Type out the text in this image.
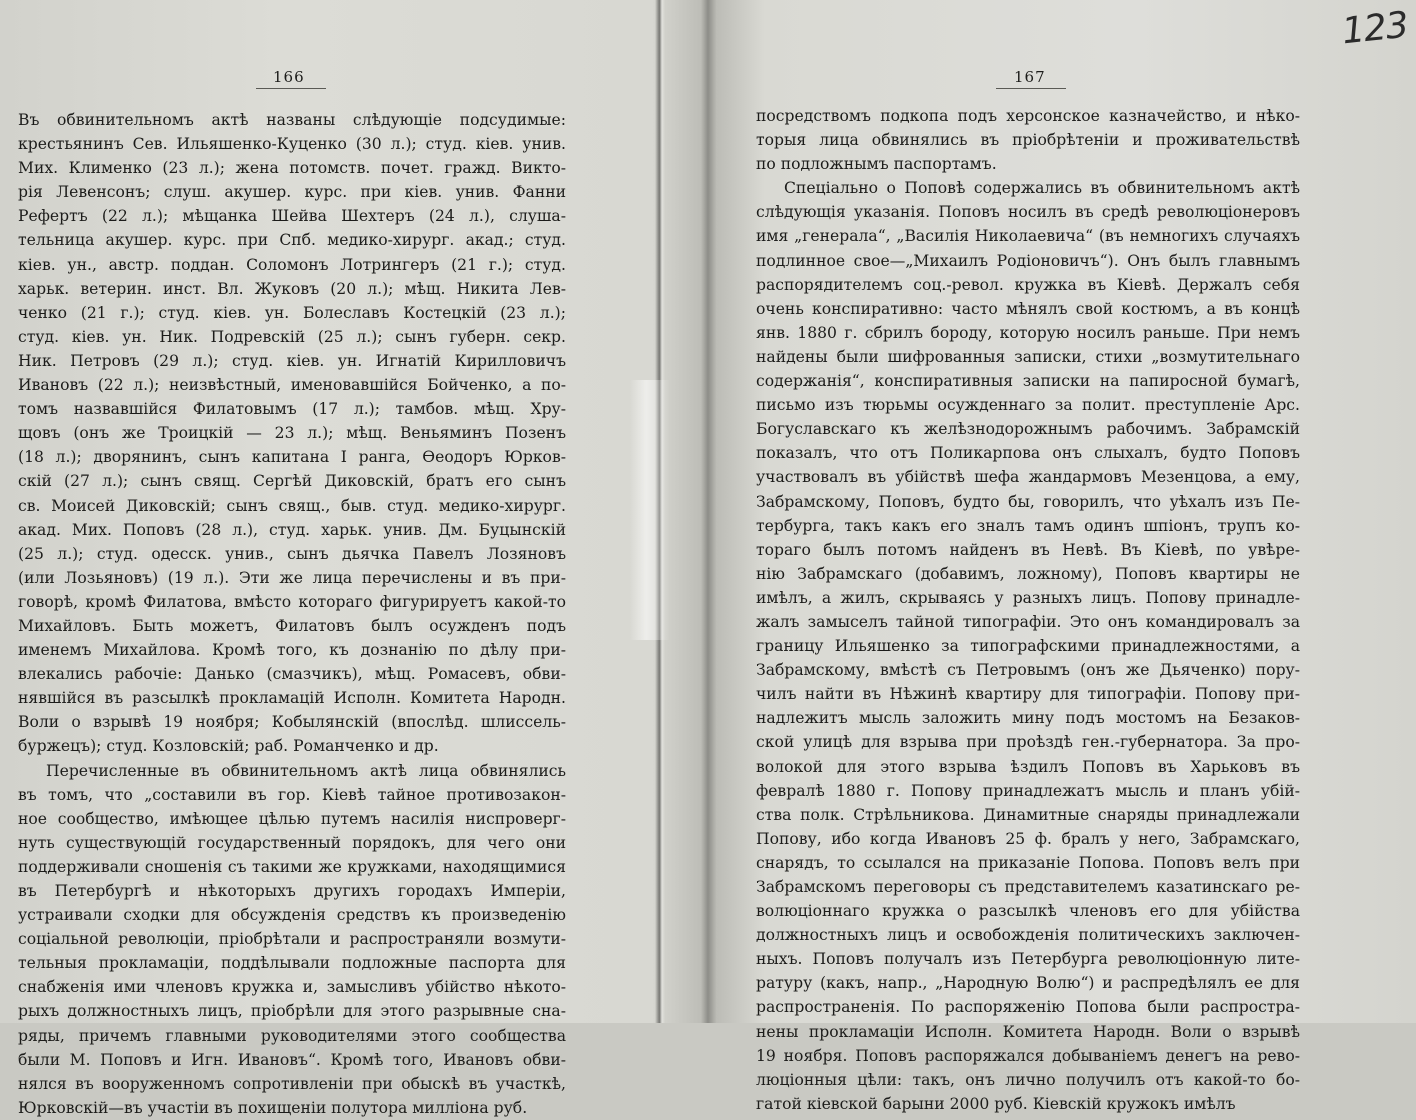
123
166
Въ обвинительномъ актѣ названы слѣдующіе подсудимые:
крестьянинъ Сев. Ильяшенко-Куценко (30 л.); студ. кіев. унив.
Мих. Клименко (23 л.); жена потомств. почет. гражд. Викто-
рія Левенсонъ; слуш. акушер. курс. при кіев. унив. Фанни
Рефертъ (22 л.); мѣщанка Шейва Шехтеръ (24 л.), слуша-
тельница акушер. курс. при Спб. медико-хирург. акад.; студ.
кіев. ун., австр. поддан. Соломонъ Лотрингеръ (21 г.); студ.
харьк. ветерин. инст. Вл. Жуковъ (20 л.); мѣщ. Никита Лев-
ченко (21 г.); студ. кіев. ун. Болеславъ Костецкій (23 л.);
студ. кіев. ун. Ник. Подревскій (25 л.); сынъ губерн. секр.
Ник. Петровъ (29 л.); студ. кіев. ун. Игнатій Кирилловичъ
Ивановъ (22 л.); неизвѣстный, именовавшійся Бойченко, а по-
томъ назвавшійся Филатовымъ (17 л.); тамбов. мѣщ. Хру-
щовъ (онъ же Троицкій — 23 л.); мѣщ. Веньяминъ Позенъ
(18 л.); дворянинъ, сынъ капитана I ранга, Ѳеодоръ Юрков-
скій (27 л.); сынъ свящ. Сергѣй Диковскій, братъ его сынъ
св. Моисей Диковскій; сынъ свящ., быв. студ. медико-хирург.
акад. Мих. Поповъ (28 л.), студ. харьк. унив. Дм. Буцынскій
(25 л.); студ. одесск. унив., сынъ дьячка Павелъ Лозяновъ
(или Лозьяновъ) (19 л.). Эти же лица перечислены и въ при-
говорѣ, кромѣ Филатова, вмѣсто котораго фигурируетъ какой-то
Михайловъ. Быть можетъ, Филатовъ былъ осужденъ подъ
именемъ Михайлова. Кромѣ того, къ дознанію по дѣлу при-
влекались рабочіе: Данько (смазчикъ), мѣщ. Ромасевъ, обви-
нявшійся въ разсылкѣ прокламацій Исполн. Комитета Народн.
Воли о взрывѣ 19 ноября; Кобылянскій (впослѣд. шлиссель-
буржецъ); студ. Козловскій; раб. Романченко и др.
Перечисленные въ обвинительномъ актѣ лица обвинялись
въ томъ, что „составили въ гор. Кіевѣ тайное противозакон-
ное сообщество, имѣющее цѣлью путемъ насилія ниспроверг-
нуть существующій государственный порядокъ, для чего они
поддерживали сношенія съ такими же кружками, находящимися
въ Петербургѣ и нѣкоторыхъ другихъ городахъ Имперіи,
устраивали сходки для обсужденія средствъ къ произведенію
соціальной революціи, пріобрѣтали и распространяли возмути-
тельныя прокламаціи, поддѣлывали подложные паспорта для
снабженія ими членовъ кружка и, замысливъ убійство нѣкото-
рыхъ должностныхъ лицъ, пріобрѣли для этого разрывные сна-
ряды, причемъ главными руководителями этого сообщества
были М. Поповъ и Игн. Ивановъ“. Кромѣ того, Ивановъ обви-
нялся въ вооруженномъ сопротивленіи при обыскѣ въ участкѣ,
Юрковскій—въ участіи въ похищеніи полутора милліона руб.
167
посредствомъ подкопа подъ херсонское казначейство, и нѣко-
торыя лица обвинялись въ пріобрѣтеніи и проживательствѣ
по подложнымъ паспортамъ.
Спеціально о Поповѣ содержались въ обвинительномъ актѣ
слѣдующія указанія. Поповъ носилъ въ средѣ революціонеровъ
имя „генерала“, „Василія Николаевича“ (въ немногихъ случаяхъ
подлинное свое—„Михаилъ Родіоновичъ“). Онъ былъ главнымъ
распорядителемъ соц.-револ. кружка въ Кіевѣ. Держалъ себя
очень конспиративно: часто мѣнялъ свой костюмъ, а въ концѣ
янв. 1880 г. сбрилъ бороду, которую носилъ раньше. При немъ
найдены были шифрованныя записки, стихи „возмутительнаго
содержанія“, конспиративныя записки на папиросной бумагѣ,
письмо изъ тюрьмы осужденнаго за полит. преступленіе Арс.
Богуславскаго къ желѣзнодорожнымъ рабочимъ. Забрамскій
показалъ, что отъ Поликарпова онъ слыхалъ, будто Поповъ
участвовалъ въ убійствѣ шефа жандармовъ Мезенцова, а ему,
Забрамскому, Поповъ, будто бы, говорилъ, что уѣхалъ изъ Пе-
тербурга, такъ какъ его зналъ тамъ одинъ шпіонъ, трупъ ко-
тораго былъ потомъ найденъ въ Невѣ. Въ Кіевѣ, по увѣре-
нію Забрамскаго (добавимъ, ложному), Поповъ квартиры не
имѣлъ, а жилъ, скрываясь у разныхъ лицъ. Попову принадле-
жалъ замыселъ тайной типографіи. Это онъ командировалъ за
границу Ильяшенко за типографскими принадлежностями, а
Забрамскому, вмѣстѣ съ Петровымъ (онъ же Дьяченко) пору-
чилъ найти въ Нѣжинѣ квартиру для типографіи. Попову при-
надлежитъ мысль заложить мину подъ мостомъ на Безаков-
ской улицѣ для взрыва при проѣздѣ ген.-губернатора. За про-
волокой для этого взрыва ѣздилъ Поповъ въ Харьковъ въ
февралѣ 1880 г. Попову принадлежатъ мысль и планъ убій-
ства полк. Стрѣльникова. Динамитные снаряды принадлежали
Попову, ибо когда Ивановъ 25 ф. бралъ у него, Забрамскаго,
снарядъ, то ссылался на приказаніе Попова. Поповъ велъ при
Забрамскомъ переговоры съ представителемъ казатинскаго ре-
волюціоннаго кружка о разсылкѣ членовъ его для убійства
должностныхъ лицъ и освобожденія политическихъ заключен-
ныхъ. Поповъ получалъ изъ Петербурга революціонную лите-
ратуру (какъ, напр., „Народную Волю“) и распредѣлялъ ее для
распространенія. По распоряженію Попова были распростра-
нены прокламаціи Исполн. Комитета Народн. Воли о взрывѣ
19 ноября. Поповъ распоряжался добываніемъ денегъ на рево-
люціонныя цѣли: такъ, онъ лично получилъ отъ какой-то бо-
гатой кіевской барыни 2000 руб. Кіевскій кружокъ имѣлъ
